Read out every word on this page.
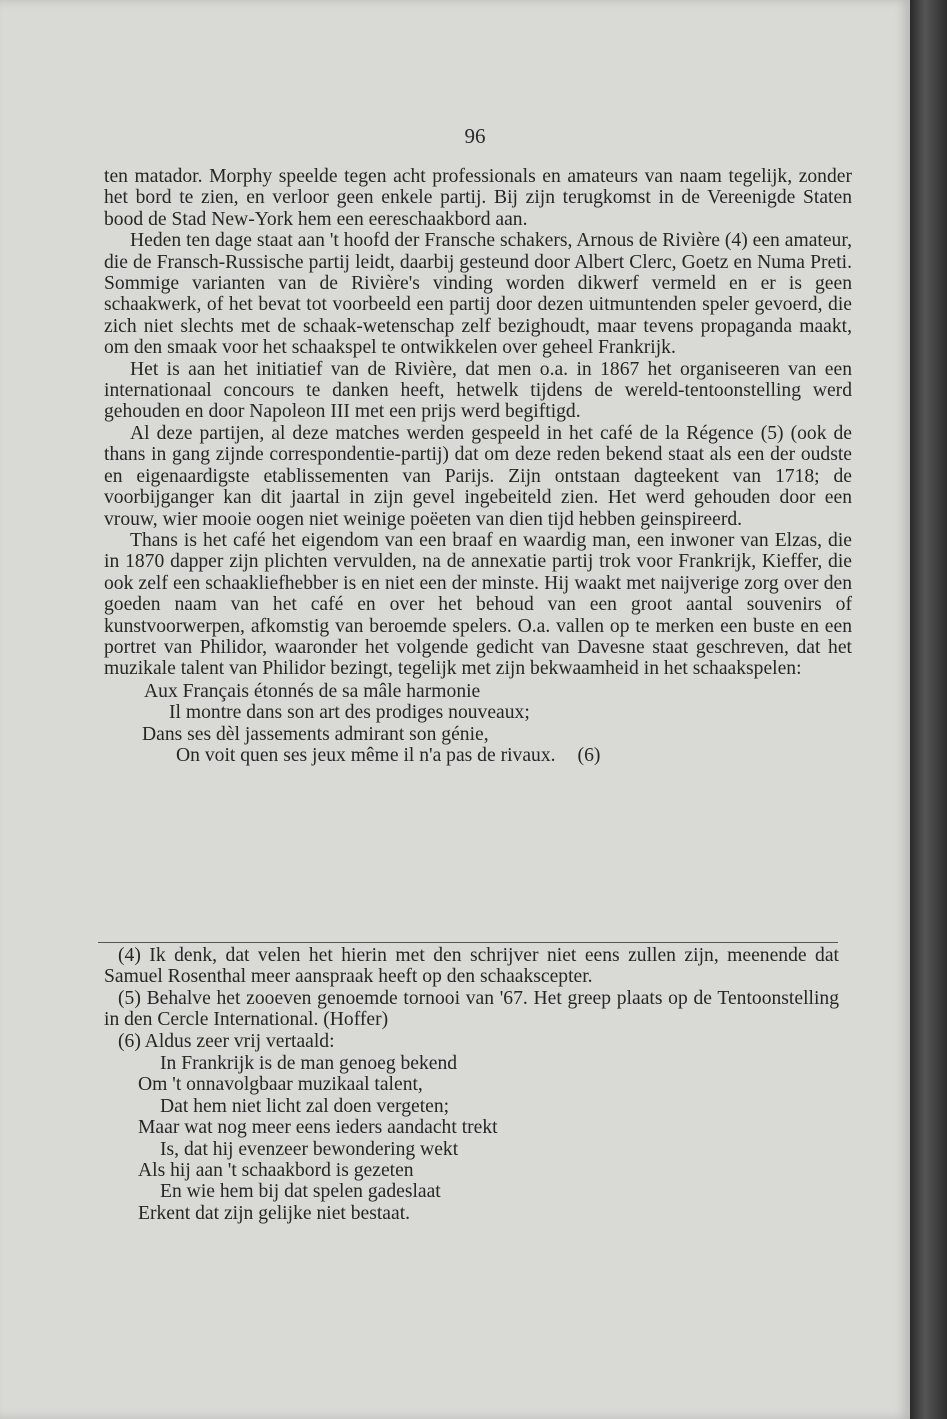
96

ten matador. Morphy speelde tegen acht professionals en amateurs van naam tegelijk, zonder het bord te zien, en verloor geen enkele partij. Bij zijn terugkomst in de Vereenigde Staten bood de Stad New-York hem een eereschaakbord aan.

Heden ten dage staat aan 't hoofd der Fransche schakers, Arnous de Rivière (4) een amateur, die de Fransch-Russische partij leidt, daarbij gesteund door Albert Clerc, Goetz en Numa Preti. Sommige varianten van de Rivière's vinding worden dikwerf vermeld en er is geen schaakwerk, of het bevat tot voorbeeld een partij door dezen uitmuntenden speler gevoerd, die zich niet slechts met de schaak-wetenschap zelf bezighoudt, maar tevens propaganda maakt, om den smaak voor het schaakspel te ontwikkelen over geheel Frankrijk.

Het is aan het initiatief van de Rivière, dat men o.a. in 1867 het organiseeren van een internationaal concours te danken heeft, hetwelk tijdens de wereld-tentoonstelling werd gehouden en door Napoleon III met een prijs werd begiftigd.

Al deze partijen, al deze matches werden gespeeld in het café de la Régence (5) (ook de thans in gang zijnde correspondentie-partij) dat om deze reden bekend staat als een der oudste en eigenaardigste etablissementen van Parijs. Zijn ontstaan dagteekent van 1718; de voorbijganger kan dit jaartal in zijn gevel ingebeiteld zien. Het werd gehouden door een vrouw, wier mooie oogen niet weinige poëeten van dien tijd hebben geinspireerd.

Thans is het café het eigendom van een braaf en waardig man, een inwoner van Elzas, die in 1870 dapper zijn plichten vervulden, na de annexatie partij trok voor Frankrijk, Kieffer, die ook zelf een schaakliefhebber is en niet een der minste. Hij waakt met naijverige zorg over den goeden naam van het café en over het behoud van een groot aantal souvenirs of kunstvoorwerpen, afkomstig van beroemde spelers. O.a. vallen op te merken een buste en een portret van Philidor, waaronder het volgende gedicht van Davesne staat geschreven, dat het muzikale talent van Philidor bezingt, tegelijk met zijn bekwaamheid in het schaakspelen:

Aux Français étonnés de sa mâle harmonie
Il montre dans son art des prodiges nouveaux;
Dans ses dèl jassements admirant son génie,
On voit quen ses jeux même il n'a pas de rivaux. (6)

(4) Ik denk, dat velen het hierin met den schrijver niet eens zullen zijn, meenende dat Samuel Rosenthal meer aanspraak heeft op den schaakscepter.

(5) Behalve het zooeven genoemde tornooi van '67. Het greep plaats op de Tentoonstelling in den Cercle International. (Hoffer)

(6) Aldus zeer vrij vertaald:

In Frankrijk is de man genoeg bekend
Om 't onnavolgbaar muzikaal talent,
Dat hem niet licht zal doen vergeten;
Maar wat nog meer eens ieders aandacht trekt
Is, dat hij evenzeer bewondering wekt
Als hij aan 't schaakbord is gezeten
En wie hem bij dat spelen gadeslaat
Erkent dat zijn gelijke niet bestaat.
